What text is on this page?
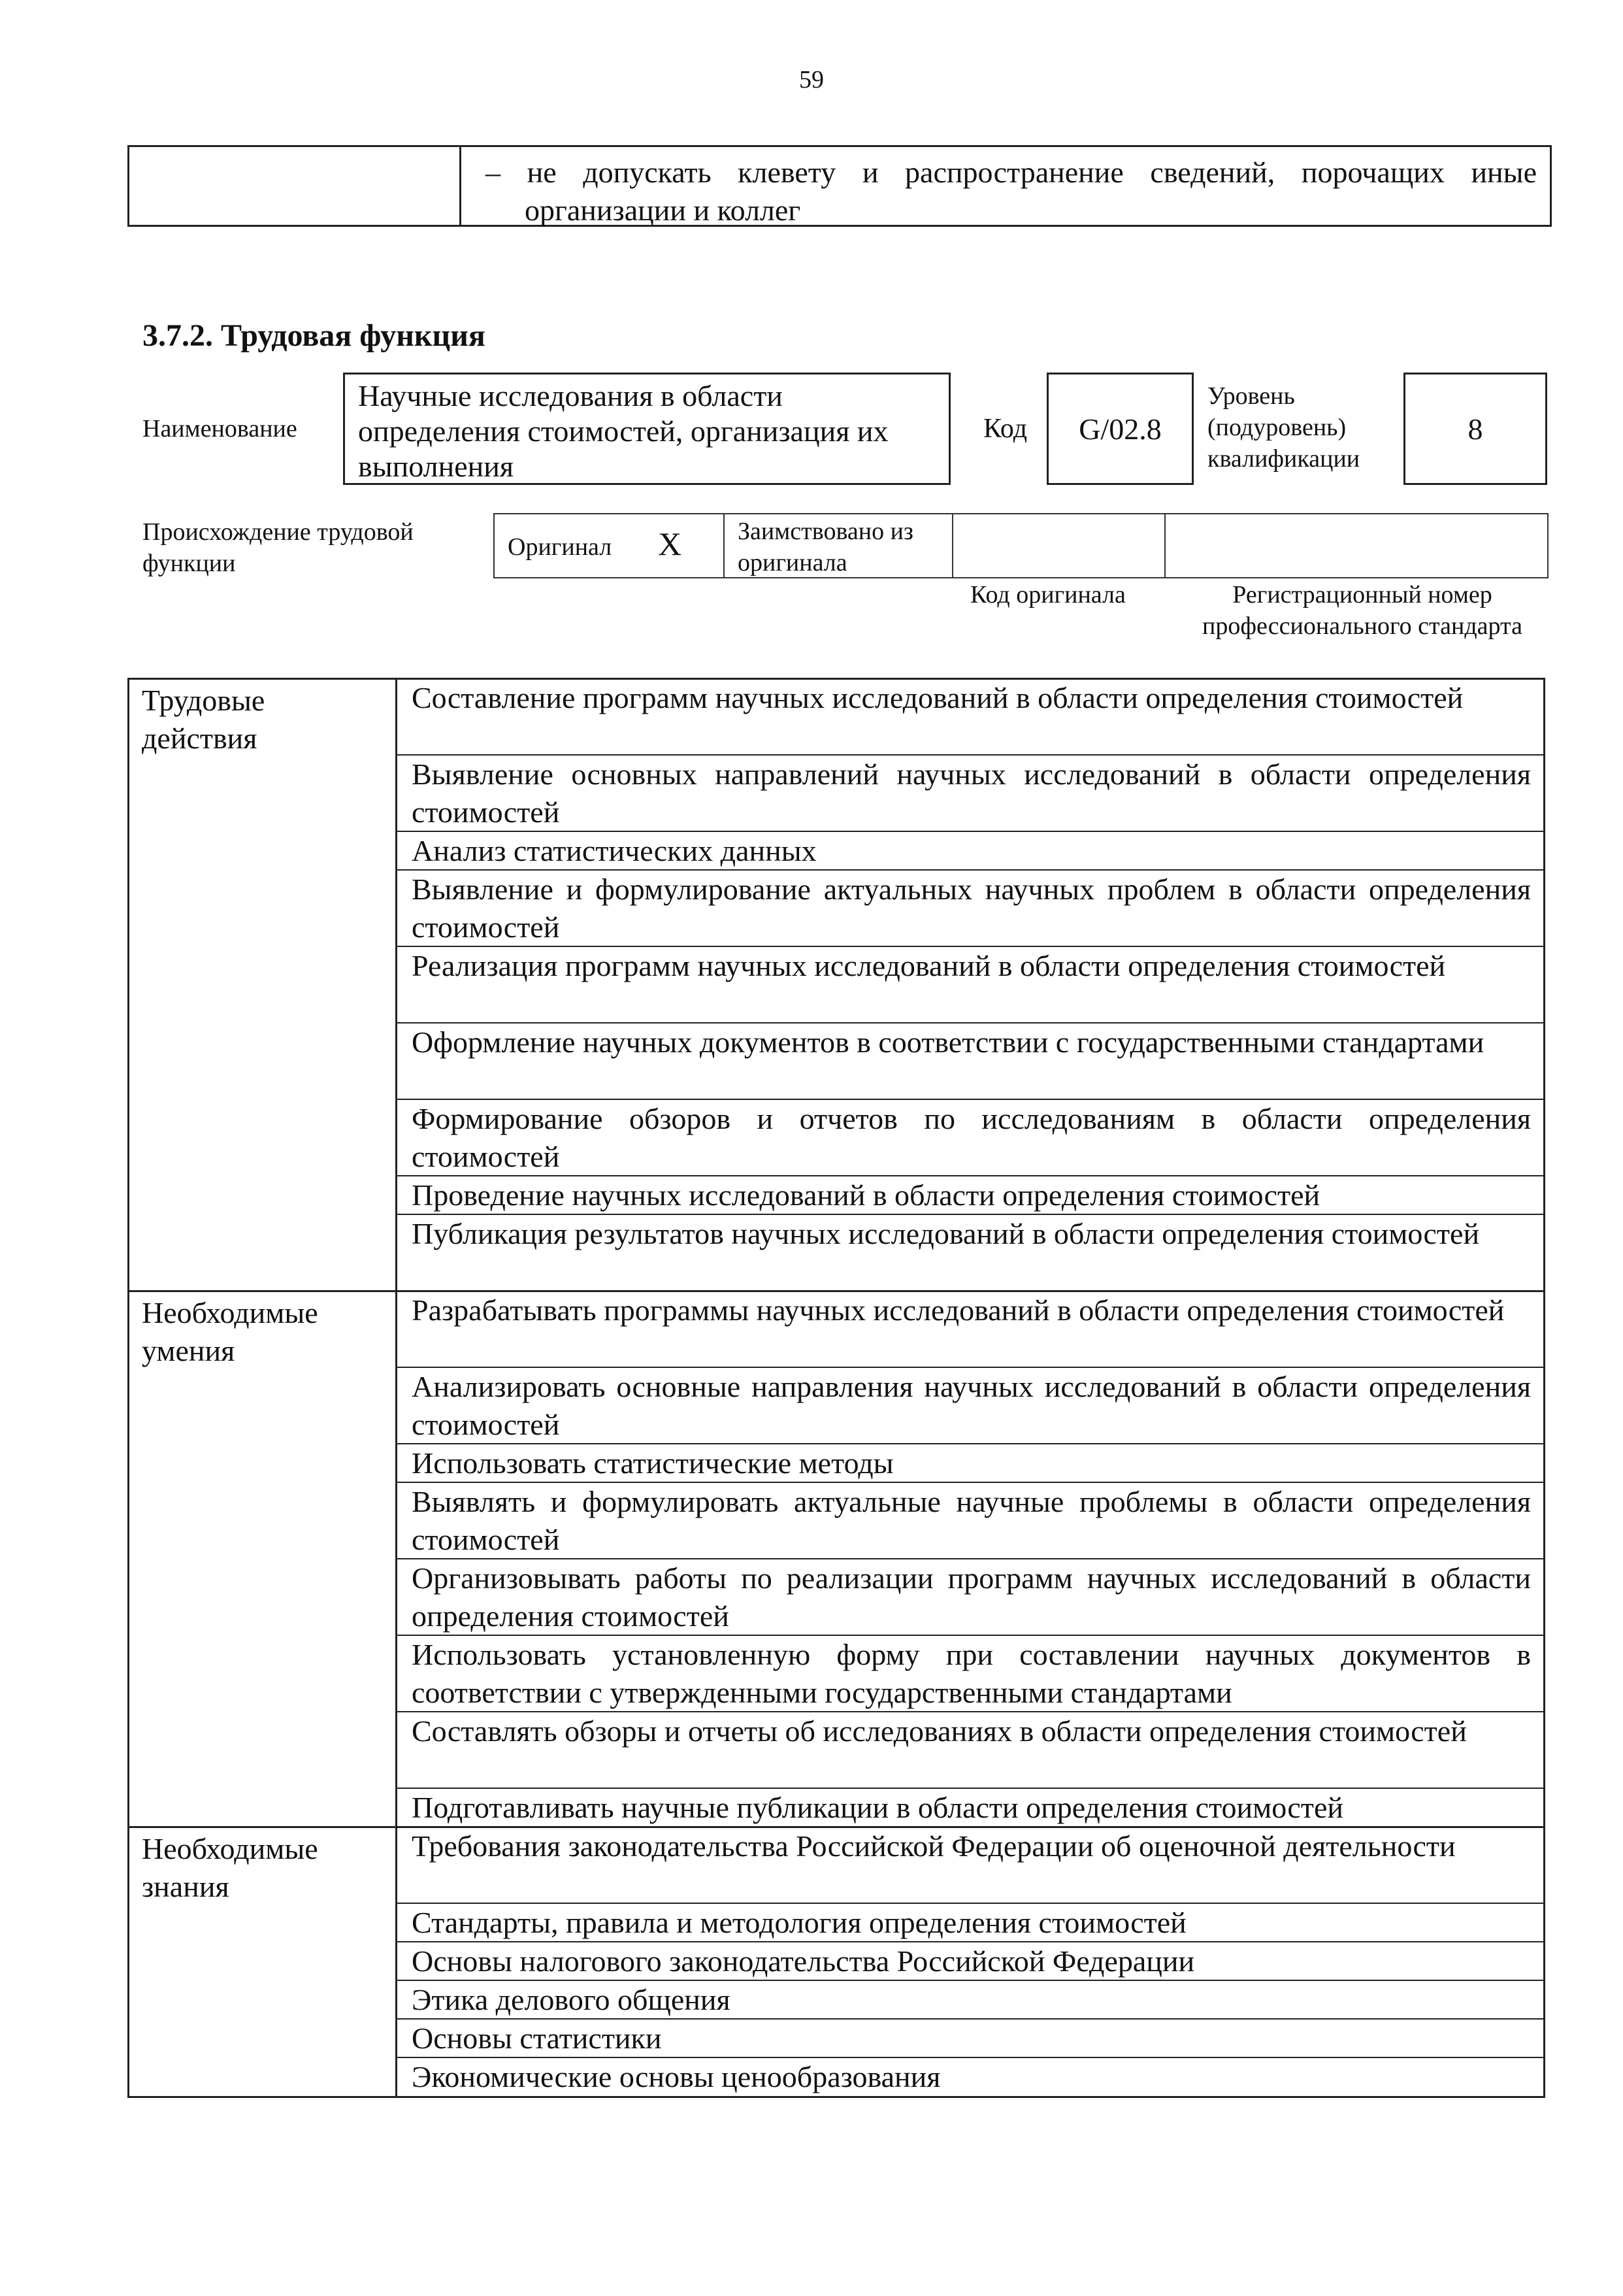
59
– не допускать клевету и распространение сведений, порочащих иные
организации и коллег
3.7.2. Трудовая функция
Наименование
Научные исследования в области определения стоимостей, организация их выполнения
Код	G/02.8
Уровень (подуровень) квалификации
8
Происхождение трудовой функции
Оригинал X Заимствовано из оригинала
Код оригинала	Регистрационный номер профессионального стандарта
Трудовые действия
Составление программ научных исследований в области определения стоимостей
Выявление основных направлений научных исследований в области определения стоимостей
Анализ статистических данных
Выявление и формулирование актуальных научных проблем в области определения стоимостей
Реализация программ научных исследований в области определения стоимостей
Оформление научных документов в соответствии с государственными стандартами
Формирование обзоров и отчетов по исследованиям в области определения стоимостей
Проведение научных исследований в области определения стоимостей
Публикация результатов научных исследований в области определения стоимостей
Необходимые умения
Разрабатывать программы научных исследований в области определения стоимостей
Анализировать основные направления научных исследований в области определения стоимостей
Использовать статистические методы
Выявлять и формулировать актуальные научные проблемы в области определения стоимостей
Организовывать работы по реализации программ научных исследований в области определения стоимостей
Использовать установленную форму при составлении научных документов в соответствии с утвержденными государственными стандартами
Составлять обзоры и отчеты об исследованиях в области определения стоимостей
Подготавливать научные публикации в области определения стоимостей
Необходимые знания
Требования законодательства Российской Федерации об оценочной деятельности
Стандарты, правила и методология определения стоимостей
Основы налогового законодательства Российской Федерации
Этика делового общения
Основы статистики
Экономические основы ценообразования
